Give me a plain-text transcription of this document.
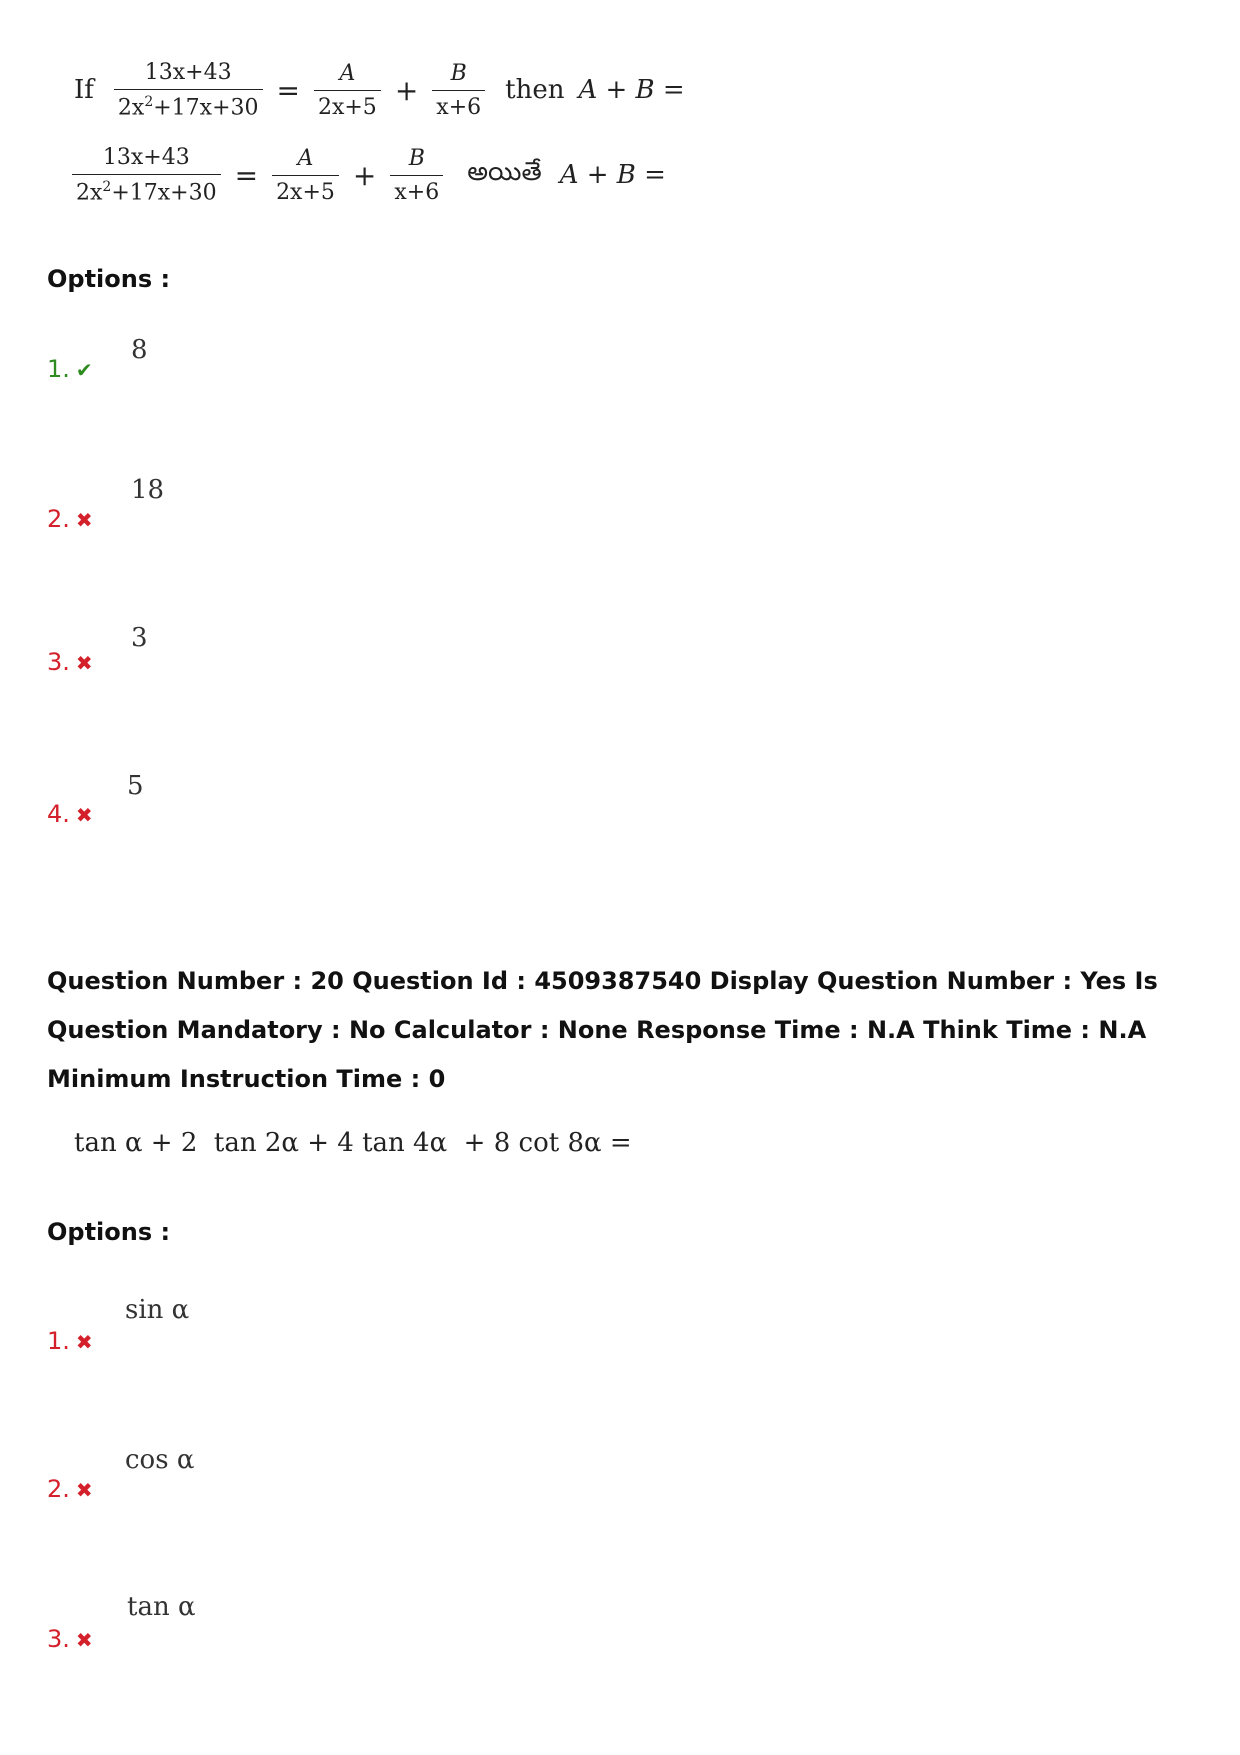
If $\frac{13x+43}{2x^2+17x+30} = \frac{A}{2x+5} + \frac{B}{x+6}$ then A + B =
$\frac{13x+43}{2x^2+17x+30} = \frac{A}{2x+5} + \frac{B}{x+6}$ అయితే A + B =
Options :
1. ✔
8
2. ✖
18
3. ✖
3
4. ✖
5
Question Number : 20 Question Id : 4509387540 Display Question Number : Yes Is Question Mandatory : No Calculator : None Response Time : N.A Think Time : N.A Minimum Instruction Time : 0
tan α + 2  tan 2α + 4 tan 4α  + 8 cot 8α =
Options :
1. ✖
sin α
2. ✖
cos α
3. ✖
tan α
